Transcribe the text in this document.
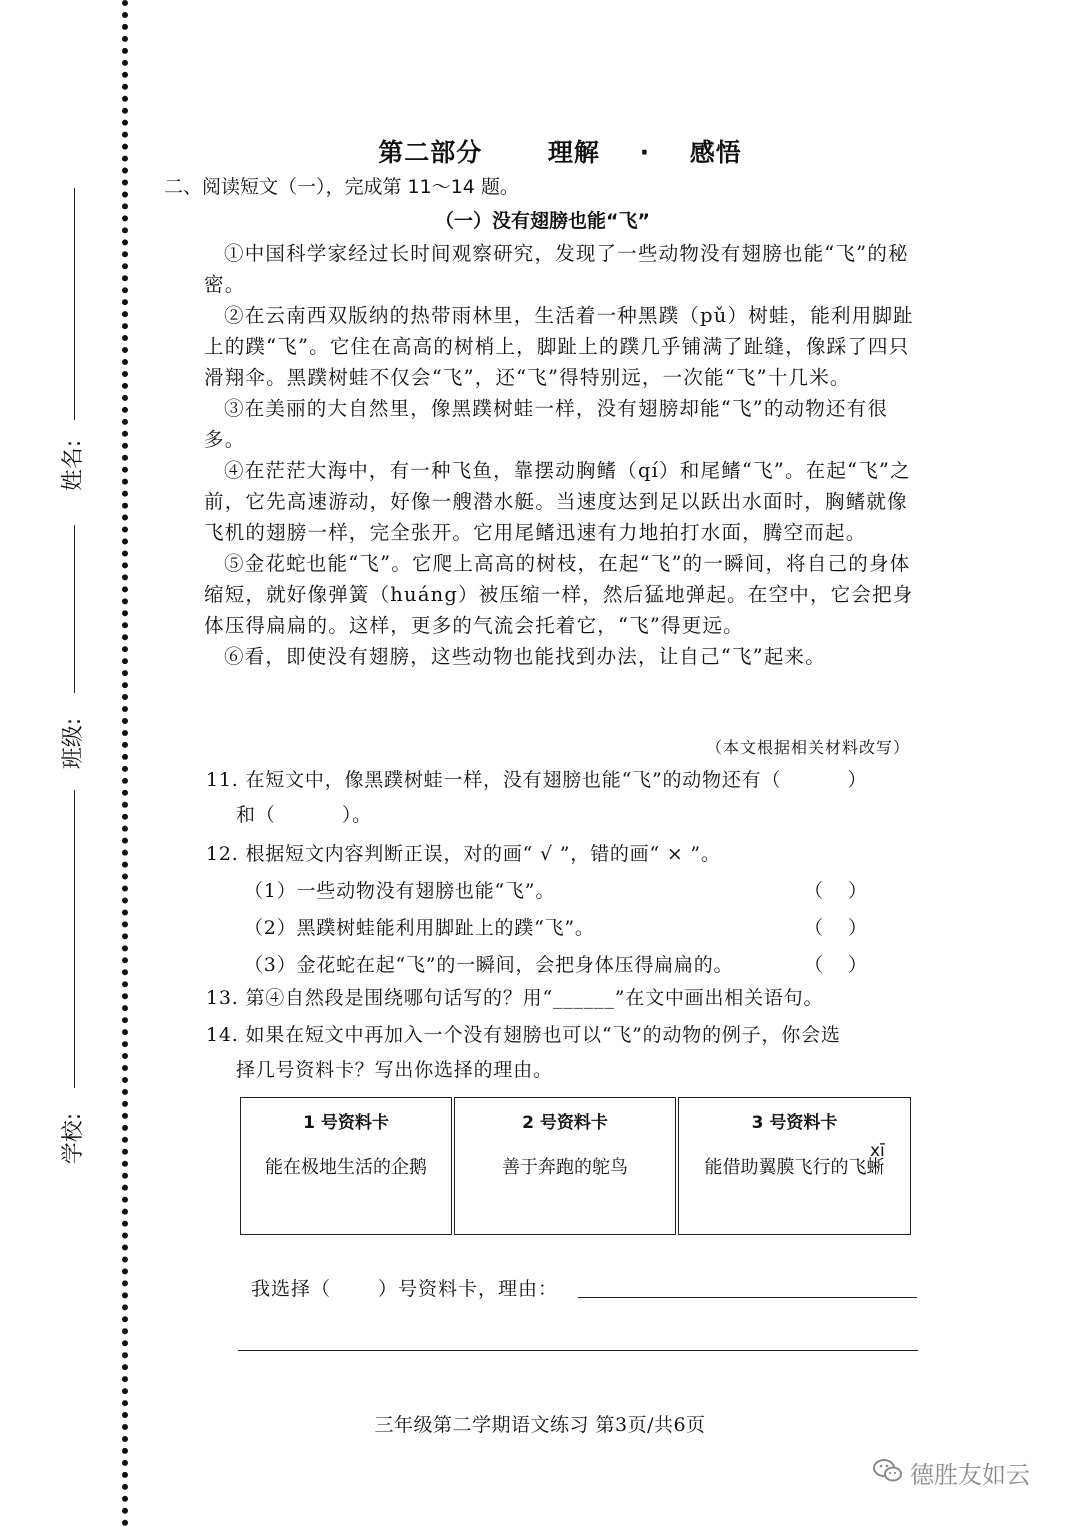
姓名:
班级:
学校:
第二部分　 理解 · 感悟
二、阅读短文（一），完成第 11～14 题。
（一）没有翅膀也能“飞”

①中国科学家经过长时间观察研究，发现了一些动物没有翅膀也能“飞”的秘密。

②在云南西双版纳的热带雨林里，生活着一种黑蹼（pǔ）树蛙，能利用脚趾上的蹼“飞”。它住在高高的树梢上，脚趾上的蹼几乎铺满了趾缝，像踩了四只滑翔伞。黑蹼树蛙不仅会“飞”，还“飞”得特别远，一次能“飞”十几米。

③在美丽的大自然里，像黑蹼树蛙一样，没有翅膀却能“飞”的动物还有很多。

④在茫茫大海中，有一种飞鱼，靠摆动胸鳍（qí）和尾鳍“飞”。在起“飞”之前，它先高速游动，好像一艘潜水艇。当速度达到足以跃出水面时，胸鳍就像飞机的翅膀一样，完全张开。它用尾鳍迅速有力地拍打水面，腾空而起。

⑤金花蛇也能“飞”。它爬上高高的树枝，在起“飞”的一瞬间，将自己的身体缩短，就好像弹簧（huáng）被压缩一样，然后猛地弹起。在空中，它会把身体压得扁扁的。这样，更多的气流会托着它，“飞”得更远。

⑥看，即使没有翅膀，这些动物也能找到办法，让自己“飞”起来。

（本文根据相关材料改写）
11. 在短文中，像黑蹼树蛙一样，没有翅膀也能“飞”的动物还有（　　　 ）
和（　　　 ）。
12. 根据短文内容判断正误，对的画“ √ ”，错的画“ × ”。
（1）一些动物没有翅膀也能“飞”。	（　 ）
（2）黑蹼树蛙能利用脚趾上的蹼“飞”。	（　 ）
（3）金花蛇在起“飞”的一瞬间，会把身体压得扁扁的。	（　 ）
13. 第④自然段是围绕哪句话写的？用“______”在文中画出相关语句。
14. 如果在短文中再加入一个没有翅膀也可以“飞”的动物的例子，你会选
择几号资料卡？写出你选择的理由。
1 号资料卡
能在极地生活的企鹅
2 号资料卡
善于奔跑的鸵鸟
3 号资料卡
能借助翼膜飞行的飞蜥
xī
我选择（　　 ）号资料卡，理由：
三年级第二学期语文练习 第3页/共6页
德胜友如云
